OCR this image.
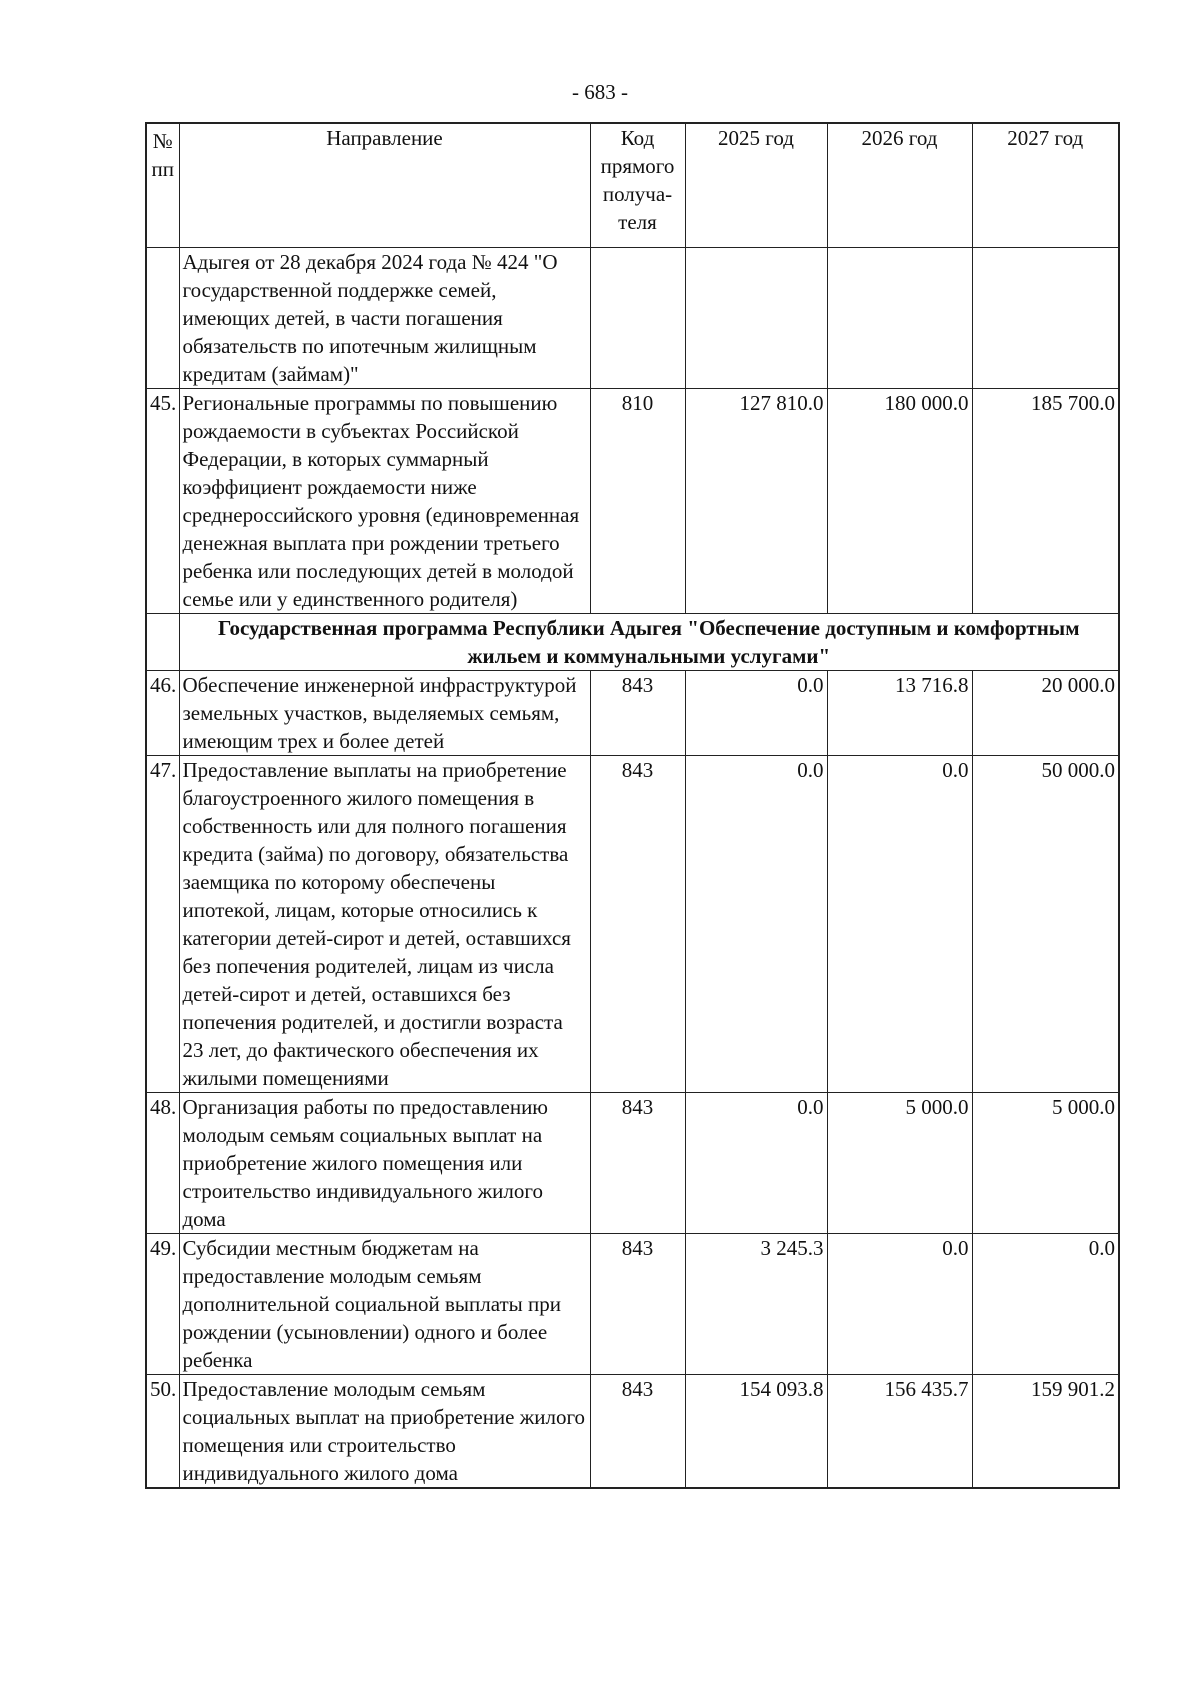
- 683 -
№ пп	Направление	Код прямого получа-теля	2025 год	2026 год	2027 год
	Адыгея от 28 декабря 2024 года № 424 "О государственной поддержке семей, имеющих детей, в части погашения обязательств по ипотечным жилищным кредитам (займам)"				
45.	Региональные программы по повышению рождаемости в субъектах Российской Федерации, в которых суммарный коэффициент рождаемости ниже среднероссийского уровня (единовременная денежная выплата при рождении третьего ребенка или последующих детей в молодой семье или у единственного родителя)	810	127 810.0	180 000.0	185 700.0
	Государственная программа Республики Адыгея "Обеспечение доступным и комфортным жильем и коммунальными услугами"				
46.	Обеспечение инженерной инфраструктурой земельных участков, выделяемых семьям, имеющим трех и более детей	843	0.0	13 716.8	20 000.0
47.	Предоставление выплаты на приобретение благоустроенного жилого помещения в собственность или для полного погашения кредита (займа) по договору, обязательства заемщика по которому обеспечены ипотекой, лицам, которые относились к категории детей-сирот и детей, оставшихся без попечения родителей, лицам из числа детей-сирот и детей, оставшихся без попечения родителей, и достигли возраста 23 лет, до фактического обеспечения их жилыми помещениями	843	0.0	0.0	50 000.0
48.	Организация работы по предоставлению молодым семьям социальных выплат на приобретение жилого помещения или строительство индивидуального жилого дома	843	0.0	5 000.0	5 000.0
49.	Субсидии местным бюджетам на предоставление молодым семьям дополнительной социальной выплаты при рождении (усыновлении) одного и более ребенка	843	3 245.3	0.0	0.0
50.	Предоставление молодым семьям социальных выплат на приобретение жилого помещения или строительство индивидуального жилого дома	843	154 093.8	156 435.7	159 901.2
